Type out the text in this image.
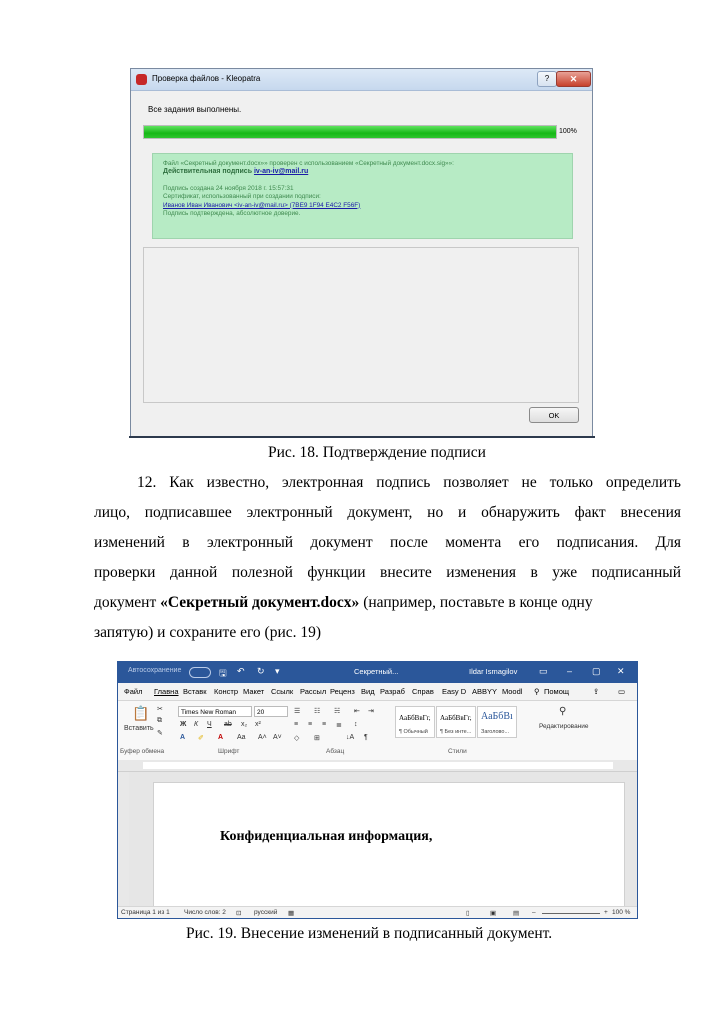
Проверка файлов - Kleopatra	?	✕
Все задания выполнены.
100%
Файл «Секретный документ.docx»» проверен с использованием «Секретный документ.docx.sig»»:
Действительная подпись iv-an-iv@mail.ru
Подпись создана 24 ноября 2018 г. 15:57:31
Сертификат, использованный при создании подписи:
Иванов Иван Иванович <iv-an-iv@mail.ru> (7BE9 1F94 E4C2 F56F)
Подпись подтверждена, абсолютное доверие.
OK
Рис. 18. Подтверждение подписи
12. Как известно, электронная подпись позволяет не только определить
лицо, подписавшее электронный документ, но и обнаружить факт внесения
изменений в электронный документ после момента его подписания. Для
проверки данной полезной функции внесите изменения в уже подписанный
документ «Секретный документ.docx» (например, поставьте в конце одну
запятую) и сохраните его (рис. 19)
Автосохранение	🖫 ↶ ↻ ▾	Секретный...	Ildar Ismagilov ▭ – ▢ ✕
Файл Главна Вставк Констр Макет Ссылк Рассыл Реценз Вид Разраб Справ Easy D ABBYY Moodl ⚲ Помощ	⇪ ▭
📋
Вставить
✂
⧉
✎
Times New Roman	20
Ж К Ч ab x₂ x²
A ✐ A Aa A˄ A˅
☰ ☷ ☵ ⇤ ⇥
≡ ≡ ≡ ≣ ↕
◇ ⊞	↓A ¶
АаБбВвГг,
¶ Обычный
АаБбВвГг,
¶ Без инте...
АаБбВı
Заголово...
⚲
Редактирование
Буфер обмена	Шрифт	Абзац	Стили
Конфиденциальная информация,
Страница 1 из 1 Число слов: 2 ⊡ русский ▦	▯	▣	▤ –	+ 100 %
Рис. 19. Внесение изменений в подписанный документ.
